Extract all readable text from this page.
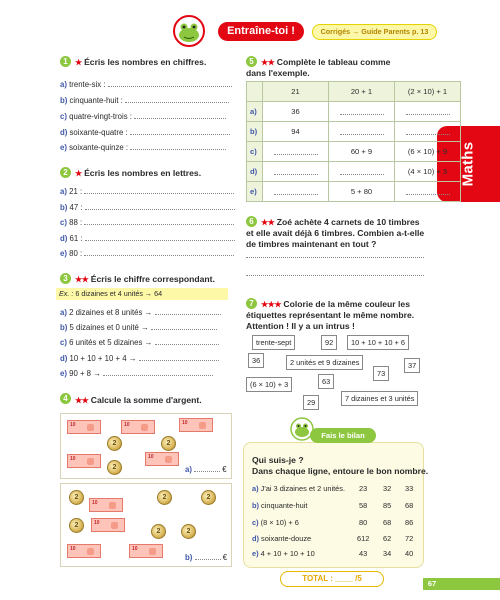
Entraîne-toi !	Corrigés → Guide Parents p. 13
Maths
1 ★ Écris les nombres en chiffres.
a) trente-six :
b) cinquante-huit :
c) quatre-vingt-trois :
d) soixante-quatre :
e) soixante-quinze :
2 ★ Écris les nombres en lettres.
a) 21 :
b) 47 :
c) 88 :
d) 61 :
e) 80 :
3 ★★ Écris le chiffre correspondant.
Ex. : 6 dizaines et 4 unités → 64
a) 2 dizaines et 8 unités →
b) 5 dizaines et 0 unité →
c) 6 unités et 5 dizaines →
d) 10 + 10 + 10 + 4 →
e) 90 + 8 →
4 ★★ Calcule la somme d'argent.
10
10
10
10
10
2
2
2
a)	€
2
2
2
10
10
2
2
2
10
10
b)	€
5 ★★ Complète le tableau comme
dans l'exemple.
	21	20 + 1	(2 × 10) + 1
a)	36		
b)	94		
c)		60 + 9	(6 × 10) + 9
d)			(4 × 10) + 3
e)		5 + 80	
6 ★★ Zoé achète 4 carnets de 10 timbres
et elle avait déjà 6 timbres. Combien a-t-elle
de timbres maintenant en tout ?
7 ★★★ Colorie de la même couleur les
étiquettes représentant le même nombre.
Attention ! Il y a un intrus !
trente-sept	92	10 + 10 + 10 + 6
36	2 unités et 9 dizaines	37
73
(6 × 10) + 3	63
29	7 dizaines et 3 unités
Fais le bilan
Qui suis-je ?
Dans chaque ligne, entoure le bon nombre.
a) J'ai 3 dizaines et 2 unités. 23 32 33
b) cinquante-huit	58 85 68
c) (8 × 10) + 6	80 68 86
d) soixante-douze	612 62 72
e) 4 + 10 + 10 + 10	43 34 40
TOTAL : ____ /5
67
